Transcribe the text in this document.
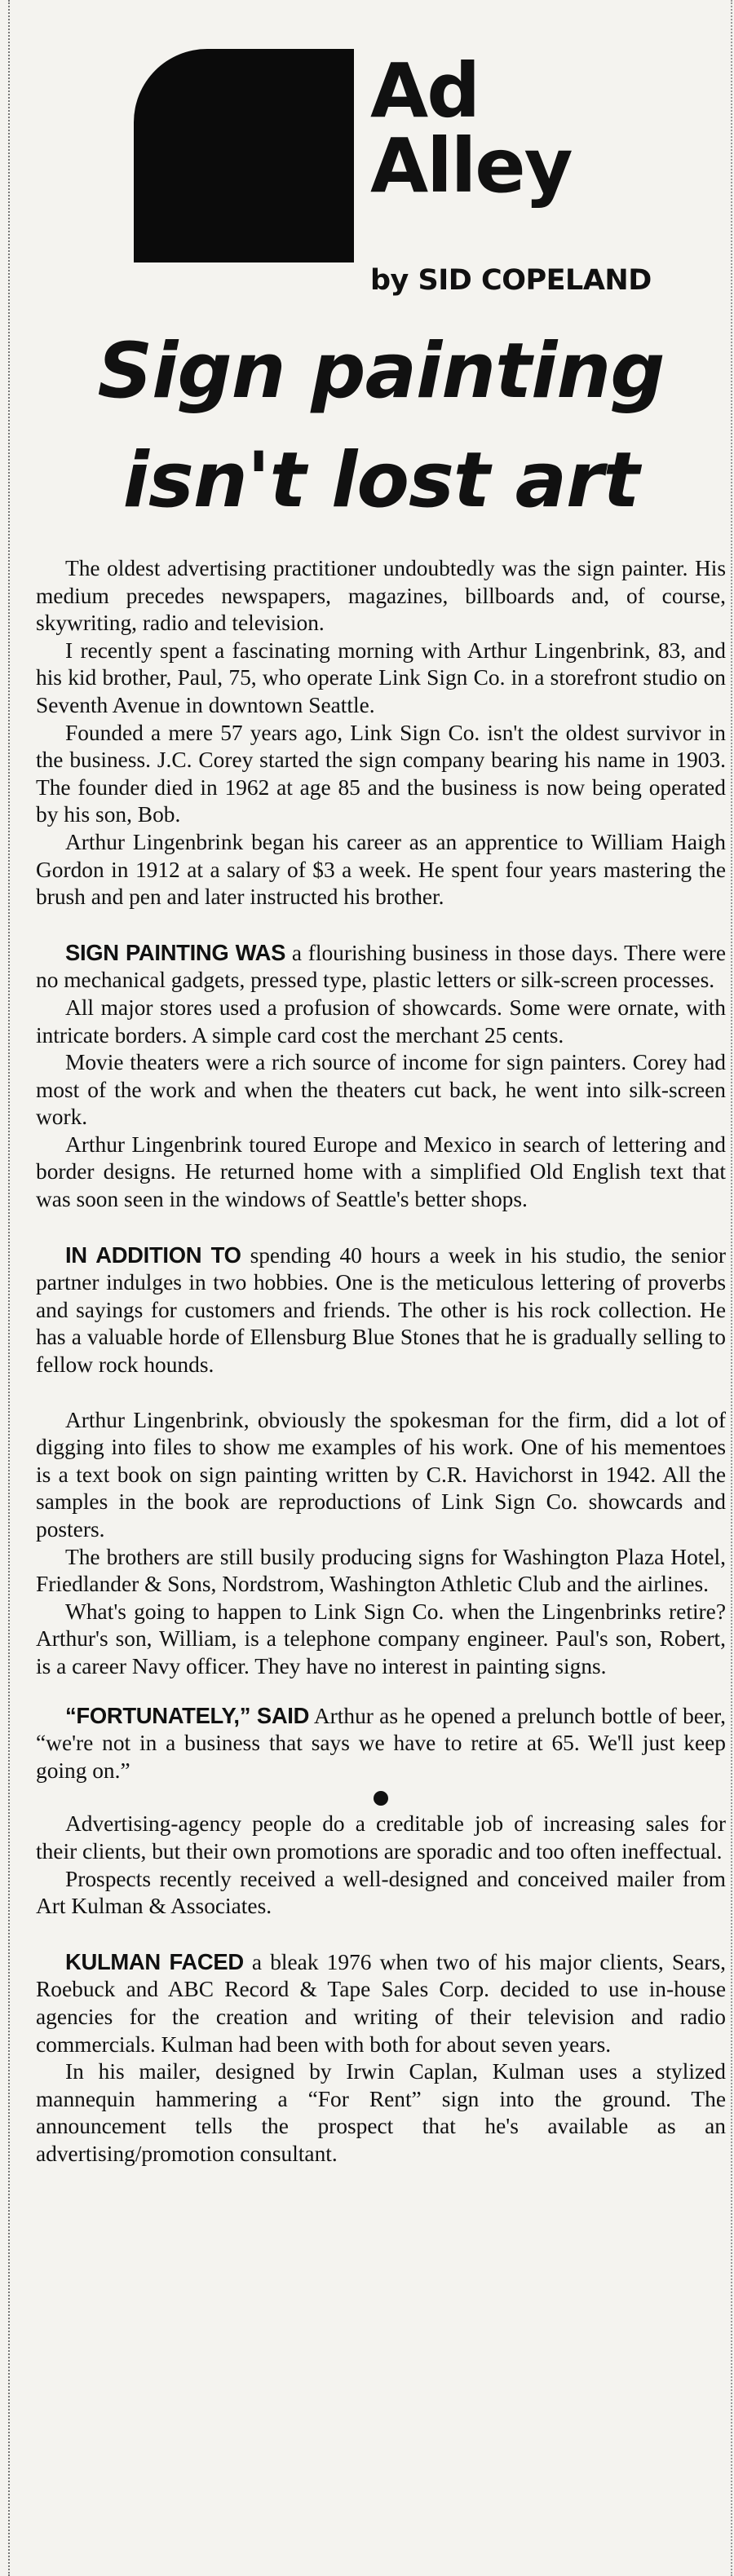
Ad
Alley
by SID COPELAND
Sign painting
isn't lost art

The oldest advertising practitioner undoubtedly was the sign painter. His medium precedes newspapers, magazines, billboards and, of course, skywriting, radio and television.

I recently spent a fascinating morning with Arthur Lingenbrink, 83, and his kid brother, Paul, 75, who operate Link Sign Co. in a storefront studio on Seventh Avenue in downtown Seattle.

Founded a mere 57 years ago, Link Sign Co. isn't the oldest survivor in the business. J.C. Corey started the sign company bearing his name in 1903. The founder died in 1962 at age 85 and the business is now being operated by his son, Bob.

Arthur Lingenbrink began his career as an apprentice to William Haigh Gordon in 1912 at a salary of $3 a week. He spent four years mastering the brush and pen and later instructed his brother.

SIGN PAINTING WAS a flourishing business in those days. There were no mechanical gadgets, pressed type, plastic letters or silk-screen processes.

All major stores used a profusion of showcards. Some were ornate, with intricate borders. A simple card cost the merchant 25 cents.

Movie theaters were a rich source of income for sign painters. Corey had most of the work and when the theaters cut back, he went into silk-screen work.

Arthur Lingenbrink toured Europe and Mexico in search of lettering and border designs. He returned home with a simplified Old English text that was soon seen in the windows of Seattle's better shops.

IN ADDITION TO spending 40 hours a week in his studio, the senior partner indulges in two hobbies. One is the meticulous lettering of proverbs and sayings for customers and friends. The other is his rock collection. He has a valuable horde of Ellensburg Blue Stones that he is gradually selling to fellow rock hounds.

Arthur Lingenbrink, obviously the spokesman for the firm, did a lot of digging into files to show me examples of his work. One of his mementoes is a text book on sign painting written by C.R. Havichorst in 1942. All the samples in the book are reproductions of Link Sign Co. showcards and posters.

The brothers are still busily producing signs for Washington Plaza Hotel, Friedlander & Sons, Nordstrom, Washington Athletic Club and the airlines.

What's going to happen to Link Sign Co. when the Lingenbrinks retire? Arthur's son, William, is a telephone company engineer. Paul's son, Robert, is a career Navy officer. They have no interest in painting signs.

“FORTUNATELY,” SAID Arthur as he opened a prelunch bottle of beer, “we're not in a business that says we have to retire at 65. We'll just keep going on.”

Advertising-agency people do a creditable job of increasing sales for their clients, but their own promotions are sporadic and too often ineffectual.

Prospects recently received a well-designed and conceived mailer from Art Kulman & Associates.

KULMAN FACED a bleak 1976 when two of his major clients, Sears, Roebuck and ABC Record & Tape Sales Corp. decided to use in-house agencies for the creation and writing of their television and radio commercials. Kulman had been with both for about seven years.

In his mailer, designed by Irwin Caplan, Kulman uses a stylized mannequin hammering a “For Rent” sign into the ground. The announcement tells the prospect that he's available as an advertising/promotion consultant.
